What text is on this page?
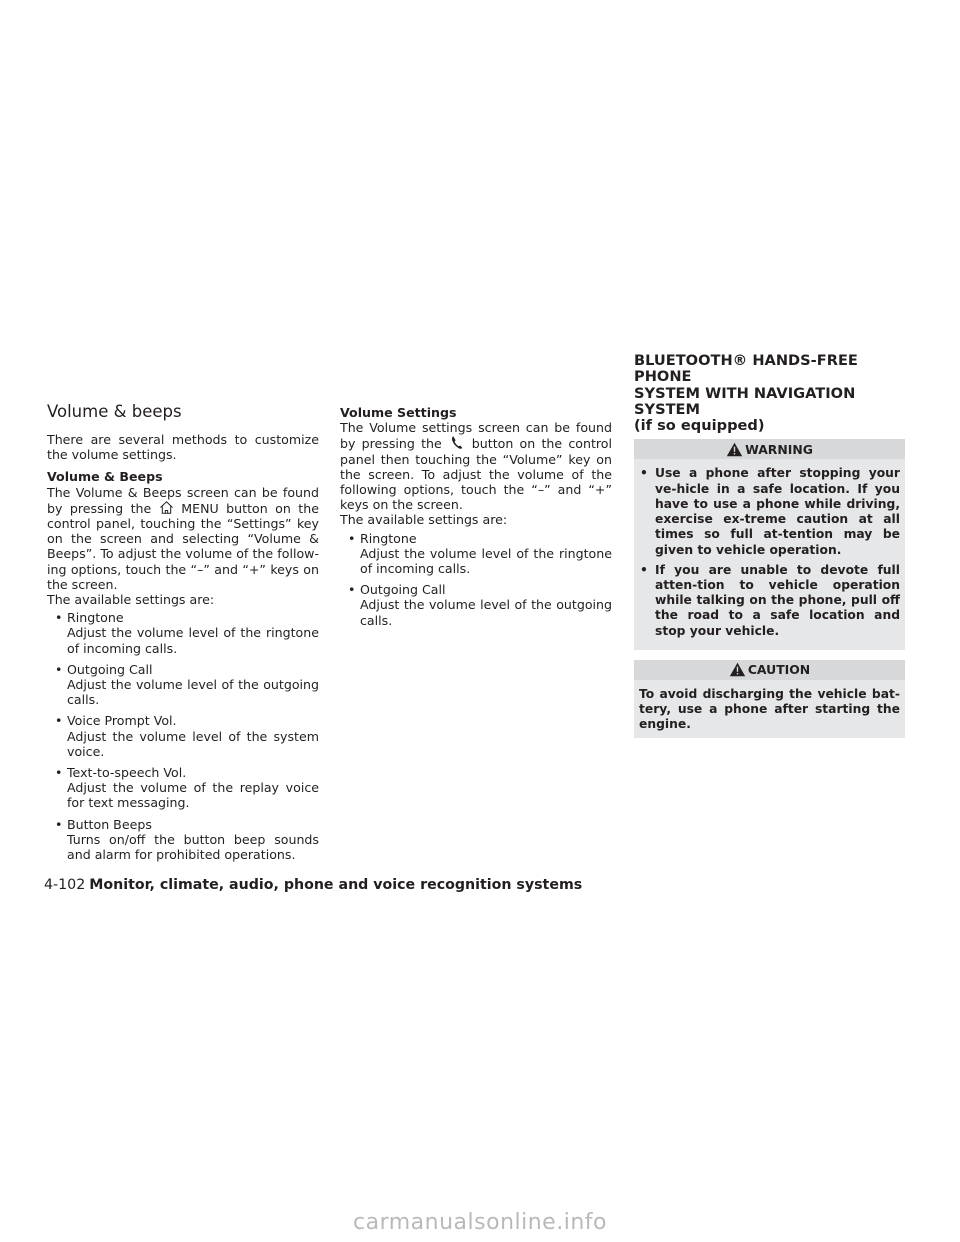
Volume & beeps

There are several methods to customize the volume settings.

Volume & Beeps

The Volume & Beeps screen can be found by pressing the MENU button on the control panel, touching the “Settings” key on the screen and selecting “Volume & Beeps”. To adjust the volume of the follow-ing options, touch the “–” and “+” keys on the screen.

The available settings are:

• Ringtone
Adjust the volume level of the ringtone of incoming calls.
• Outgoing Call
Adjust the volume level of the outgoing calls.
• Voice Prompt Vol.
Adjust the volume level of the system voice.
• Text-to-speech Vol.
Adjust the volume of the replay voice for text messaging.
• Button Beeps
Turns on/off the button beep sounds and alarm for prohibited operations.

Volume Settings

The Volume settings screen can be found by pressing the button on the control panel then touching the “Volume” key on the screen. To adjust the volume of the following options, touch the “–” and “+” keys on the screen.

The available settings are:

• Ringtone
Adjust the volume level of the ringtone of incoming calls.
• Outgoing Call
Adjust the volume level of the outgoing calls.
BLUETOOTH® HANDS-FREE PHONE
SYSTEM WITH NAVIGATION SYSTEM
(if so equipped)
WARNING
• Use a phone after stopping your ve-hicle in a safe location. If you have to use a phone while driving, exercise ex-treme caution at all times so full at-tention may be given to vehicle operation.
• If you are unable to devote full atten-tion to vehicle operation while talking on the phone, pull off the road to a safe location and stop your vehicle.
CAUTION

To avoid discharging the vehicle bat-tery, use a phone after starting the engine.

4-102 Monitor, climate, audio, phone and voice recognition systems
carmanualsonline.info
